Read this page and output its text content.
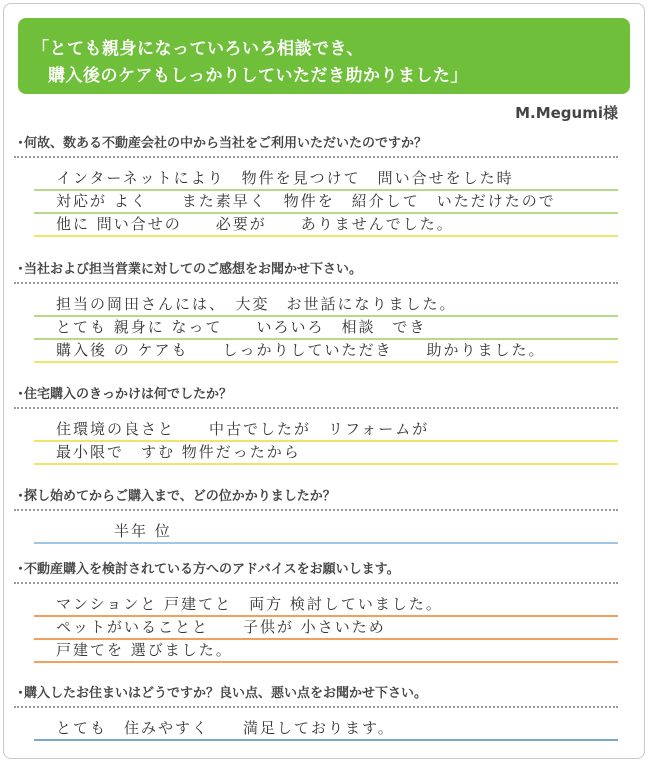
「とても親身になっていろいろ相談でき、
購入後のケアもしっかりしていただき助かりました」
M.Megumi様
・
何故、数ある不動産会社の中から当社をご利用いただいたのですか？
インターネットにより　物件を見つけて　問い合せをした時
対応が よく　　また素早く　物件を　紹介して　いただけたので
他に 問い合せの　　必要が　　ありませんでした。
・
当社および担当営業に対してのご感想をお聞かせ下さい。
担当の岡田さんには、　大変　お世話になりました。
とても 親身に なって　　いろいろ　相談　でき
購入後 の ケアも　　しっかりしていただき　　助かりました。
・
住宅購入のきっかけは何でしたか？
住環境の良さと　　中古でしたが　リフォームが
最小限で　すむ 物件だったから
・
探し始めてからご購入まで、どの位かかりましたか？
半年 位
・
不動産購入を検討されている方へのアドバイスをお願いします。
マンションと 戸建てと　両方 検討していました。
ペットがいることと　　子供が 小さいため
戸建てを 選びました。
・
購入したお住まいはどうですか？良い点、悪い点をお聞かせ下さい。
とても　住みやすく　　満足しております。
